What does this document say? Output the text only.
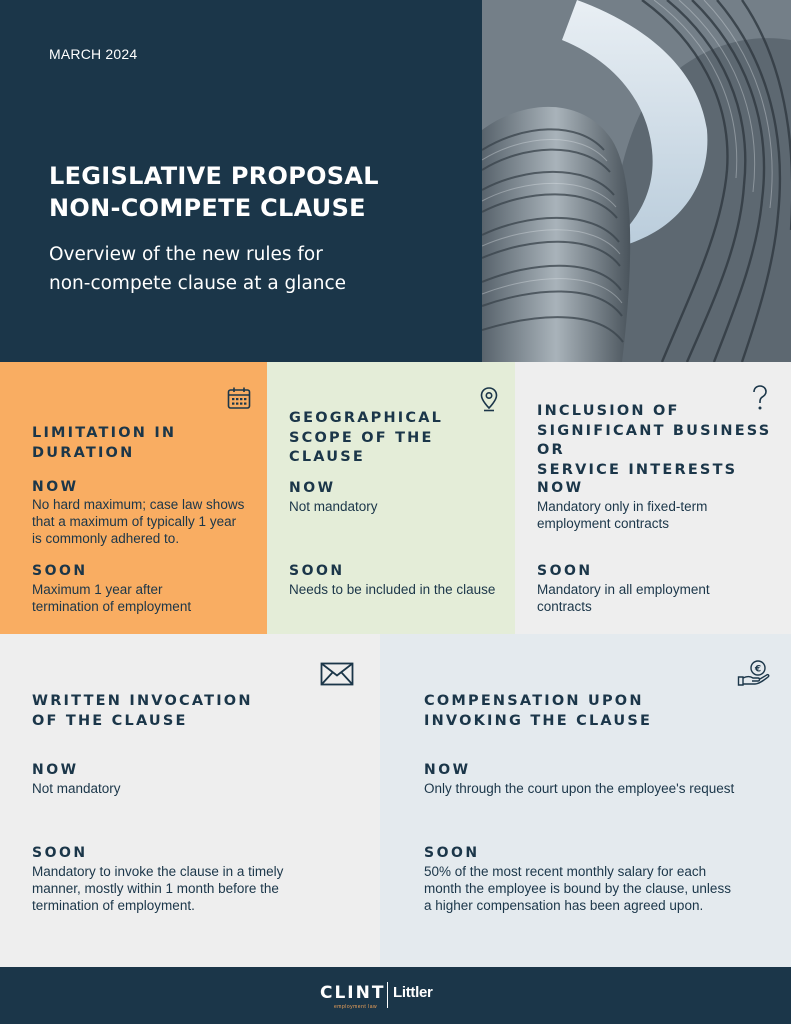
MARCH 2024
LEGISLATIVE PROPOSAL
NON-COMPETE CLAUSE
Overview of the new rules for
non-compete clause at a glance
LIMITATION IN DURATION
NOW
No hard maximum; case law shows
that a maximum of typically 1 year
is commonly adhered to.
SOON
Maximum 1 year after
termination of employment
GEOGRAPHICAL
SCOPE OF THE CLAUSE
NOW
Not mandatory
SOON
Needs to be included in the clause
INCLUSION OF
SIGNIFICANT BUSINESS OR
SERVICE INTERESTS
NOW
Mandatory only in fixed-term
employment contracts
SOON
Mandatory in all employment
contracts
WRITTEN INVOCATION
OF THE CLAUSE
NOW
Not mandatory
SOON
Mandatory to invoke the clause in a timely
manner, mostly within 1 month before the
termination of employment.
€
COMPENSATION UPON
INVOKING THE CLAUSE
NOW
Only through the court upon the employee's request
SOON
50% of the most recent monthly salary for each
month the employee is bound by the clause, unless
a higher compensation has been agreed upon.
CLINT
employment law
Littler
